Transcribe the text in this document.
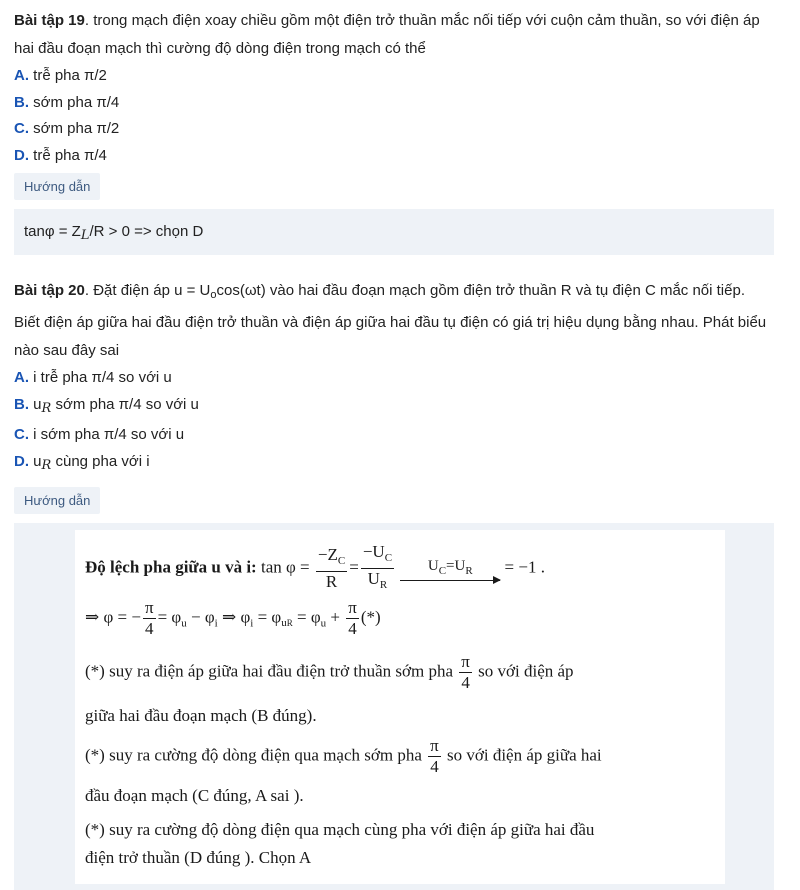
Bài tập 19. trong mạch điện xoay chiều gồm một điện trở thuần mắc nối tiếp với cuộn cảm thuần, so với điện áp hai đầu đoạn mạch thì cường độ dòng điện trong mạch có thể

A. trễ pha π/2
B. sớm pha π/4
C. sớm pha π/2
D. trễ pha π/4
Hướng dẫn
tanφ = ZL/R > 0 => chọn D

Bài tập 20. Đặt điện áp $u = U_o\cos(\omega t)$ vào hai đầu đoạn mạch gồm điện trở thuần R và tụ điện C mắc nối tiếp. Biết điện áp giữa hai đầu điện trở thuần và điện áp giữa hai đầu tụ điện có giá trị hiệu dụng bằng nhau. Phát biểu nào sau đây sai

A. i trễ pha π/4 so với u
B. uR sớm pha π/4 so với u
C. i sớm pha π/4 so với u
D. uR cùng pha với i
Hướng dẫn
Độ lệch pha giữa u và i: $\tan \varphi = \frac{-Z_C}{R} = \frac{-U_C}{U_R}$
	$U_C=U_R$	= −1 .
⇒ φ = − $\frac{\pi}{4} = \varphi_u - \varphi_i$ ⇒ $\varphi_i = \varphi_{uR} = \varphi_u + \frac{\pi}{4}$ (*)
(*) suy ra điện áp giữa hai đầu điện trở thuần sớm pha $\frac{\pi}{4}$ so với điện áp
giữa hai đầu đoạn mạch (B đúng).
(*) suy ra cường độ dòng điện qua mạch sớm pha $\frac{\pi}{4}$ so với điện áp giữa hai
đầu đoạn mạch (C đúng, A sai ).
(*) suy ra cường độ dòng điện qua mạch cùng pha với điện áp giữa hai đầu
điện trở thuần (D đúng ). Chọn A
